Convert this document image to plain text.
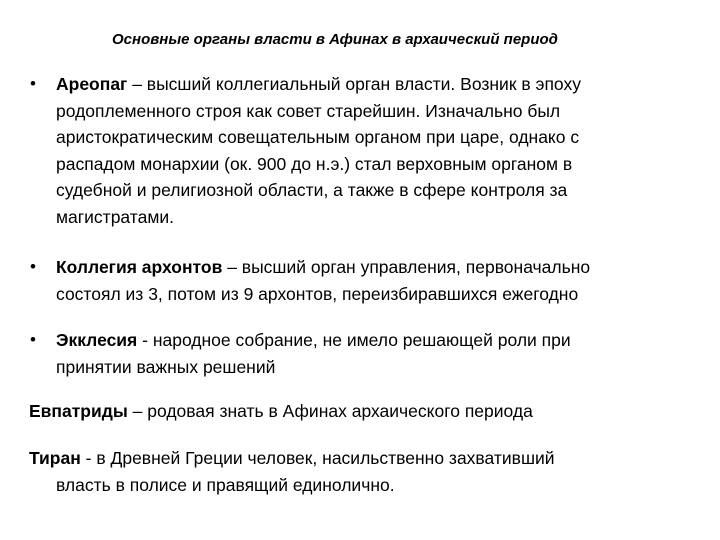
Основные органы власти в Афинах в архаический период
• Ареопаг – высший коллегиальный орган власти. Возник в эпоху
родоплеменного строя как совет старейшин. Изначально был
аристократическим совещательным органом при царе, однако с
распадом монархии (ок. 900 до н.э.) стал верховным органом в
судебной и религиозной области, а также в сфере контроля за
магистратами.
• Коллегия архонтов – высший орган управления, первоначально
состоял из 3, потом из 9 архонтов, переизбиравшихся ежегодно
• Экклесия - народное собрание, не имело решающей роли при
принятии важных решений
Евпатриды – родовая знать в Афинах архаического периода
Тиран - в Древней Греции человек, насильственно захвативший
власть в полисе и правящий единолично.
